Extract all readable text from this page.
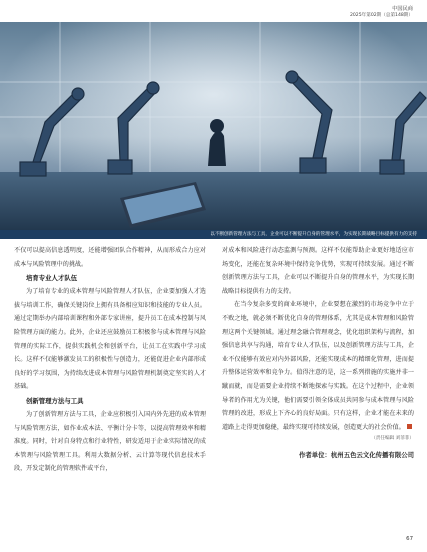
中国民商
2025年第02期（总第148期）
以不断创新管理方法与工具，企业可以不断提升自身的管理水平，为实现长期战略目标提供有力的支持

不仅可以提高信息透明度，还能增强团队合作精神，从而形成合力应对成本与风险管理中的挑战。

培育专业人才队伍

为了培育专业的成本管理与风险管理人才队伍，企业要加强人才选拔与培训工作，确保关键岗位上拥有具备相应知识和技能的专业人员。通过定期举办内部培训课程和外部专家讲座，提升员工在成本控制与风险管理方面的能力。此外，企业还应鼓励员工积极参与成本管理与风险管理的实际工作，提供实践机会和创新平台，让员工在实践中学习成长。这样不仅能够激发员工的积极性与创造力，还能促进企业内部形成良好的学习氛围，为持续改进成本管理与风险管理机制奠定坚实的人才基础。

创新管理方法与工具

为了创新管理方法与工具，企业应积极引入国内外先进的成本管理与风险管理方法，如作业成本法、平衡计分卡等，以提高管理效率和精准度。同时，针对自身特点和行业特性，研发适用于企业实际情况的成本管理与风险管理工具。利用大数据分析、云计算等现代信息技术手段，开发定制化的管理软件或平台，

对成本和风险进行动态监测与预测。这样不仅能帮助企业更好地适应市场变化，还能在复杂环境中保持竞争优势，实现可持续发展。通过不断创新管理方法与工具，企业可以不断提升自身的管理水平，为实现长期战略目标提供有力的支持。

在当今复杂多变的商业环境中，企业要想在激烈的市场竞争中立于不败之地，就必须不断优化自身的管理体系，尤其是成本管理和风险管理这两个关键领域。通过理念融合管理观念，优化组织架构与流程，加强信息共享与沟通，培育专业人才队伍，以及创新管理方法与工具，企业不仅能够有效应对内外部风险，还能实现成本的精细化管理，进而提升整体运营效率和竞争力。值得注意的是，这一系列措施的实施并非一蹴而就，而是需要企业持续不断地探索与实践。在这个过程中，企业领导者的作用尤为关键，他们需要引领全体成员共同参与成本管理与风险管理的改进，形成上下齐心的良好局面。只有这样，企业才能在未来的道路上走得更加稳健，最终实现可持续发展，创造更大的社会价值。

（责任编辑 刘菲菲）
作者单位：杭州五色云文化传播有限公司
67
